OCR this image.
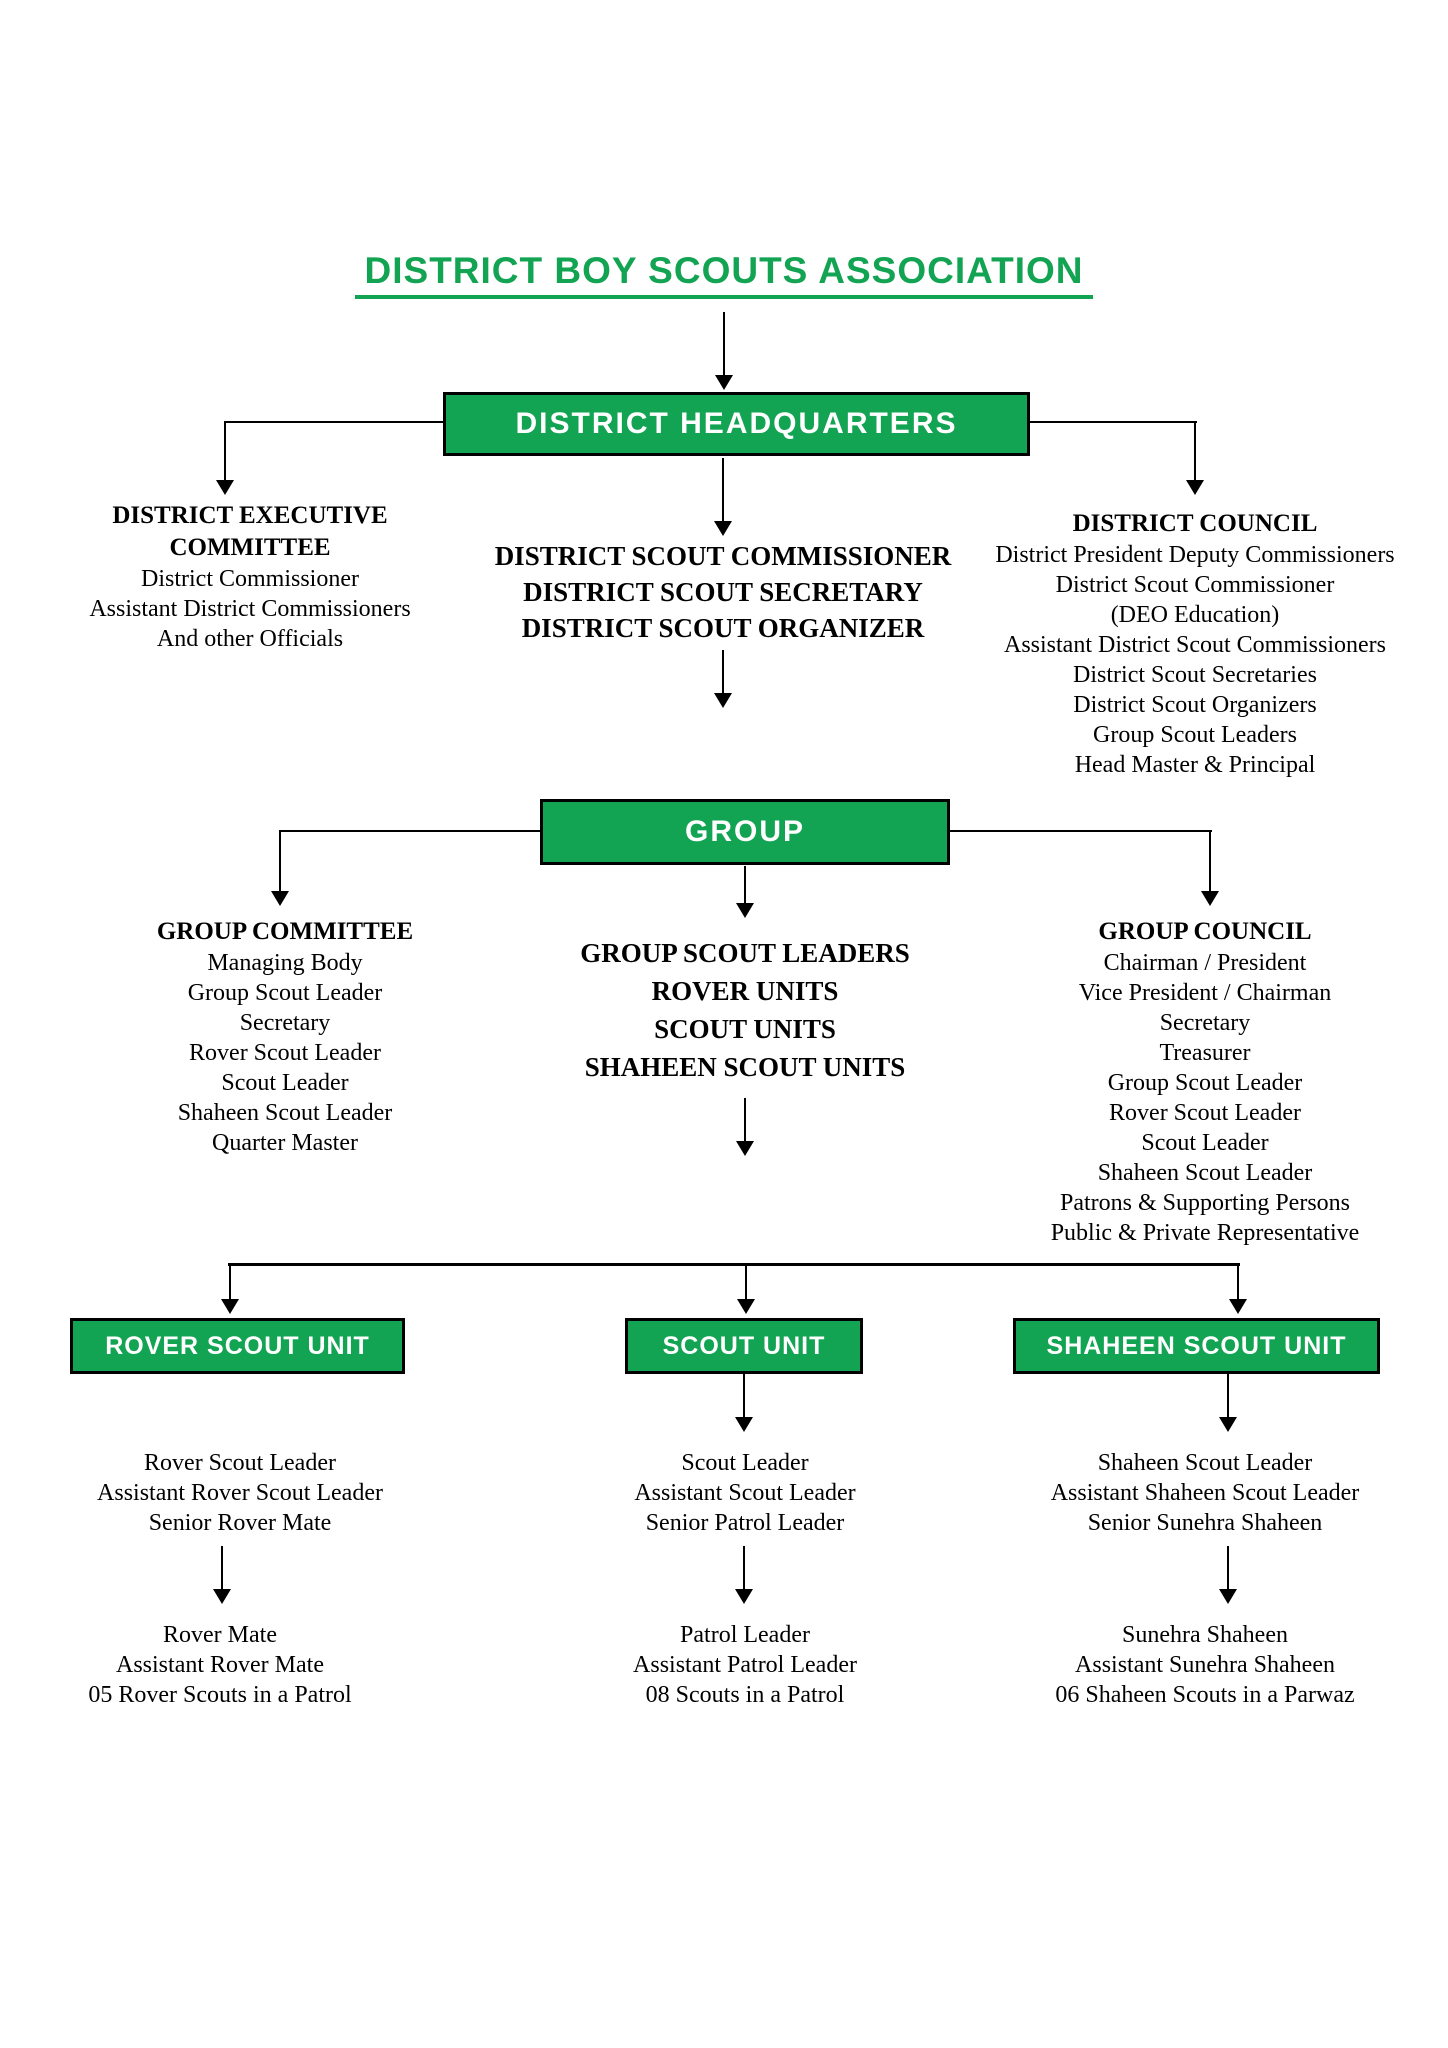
DISTRICT BOY SCOUTS ASSOCIATION
DISTRICT HEADQUARTERS
DISTRICT EXECUTIVE COMMITTEE
District Commissioner
Assistant District Commissioners
And other Officials
DISTRICT SCOUT COMMISSIONER
DISTRICT SCOUT SECRETARY
DISTRICT SCOUT ORGANIZER
DISTRICT COUNCIL
District President Deputy Commissioners
District Scout Commissioner
(DEO Education)
Assistant District Scout Commissioners
District Scout Secretaries
District Scout Organizers
Group Scout Leaders
Head Master & Principal
GROUP
GROUP COMMITTEE
Managing Body
Group Scout Leader
Secretary
Rover Scout Leader
Scout Leader
Shaheen Scout Leader
Quarter Master
GROUP SCOUT LEADERS
ROVER UNITS
SCOUT UNITS
SHAHEEN SCOUT UNITS
GROUP COUNCIL
Chairman / President
Vice President / Chairman
Secretary
Treasurer
Group Scout Leader
Rover Scout Leader
Scout Leader
Shaheen Scout Leader
Patrons & Supporting Persons
Public & Private Representative
ROVER SCOUT UNIT	SCOUT UNIT	SHAHEEN SCOUT UNIT
Rover Scout Leader
Assistant Rover Scout Leader
Senior Rover Mate
Scout Leader
Assistant Scout Leader
Senior Patrol Leader
Shaheen Scout Leader
Assistant Shaheen Scout Leader
Senior Sunehra Shaheen
Rover Mate
Assistant Rover Mate
05 Rover Scouts in a Patrol
Patrol Leader
Assistant Patrol Leader
08 Scouts in a Patrol
Sunehra Shaheen
Assistant Sunehra Shaheen
06 Shaheen Scouts in a Parwaz
